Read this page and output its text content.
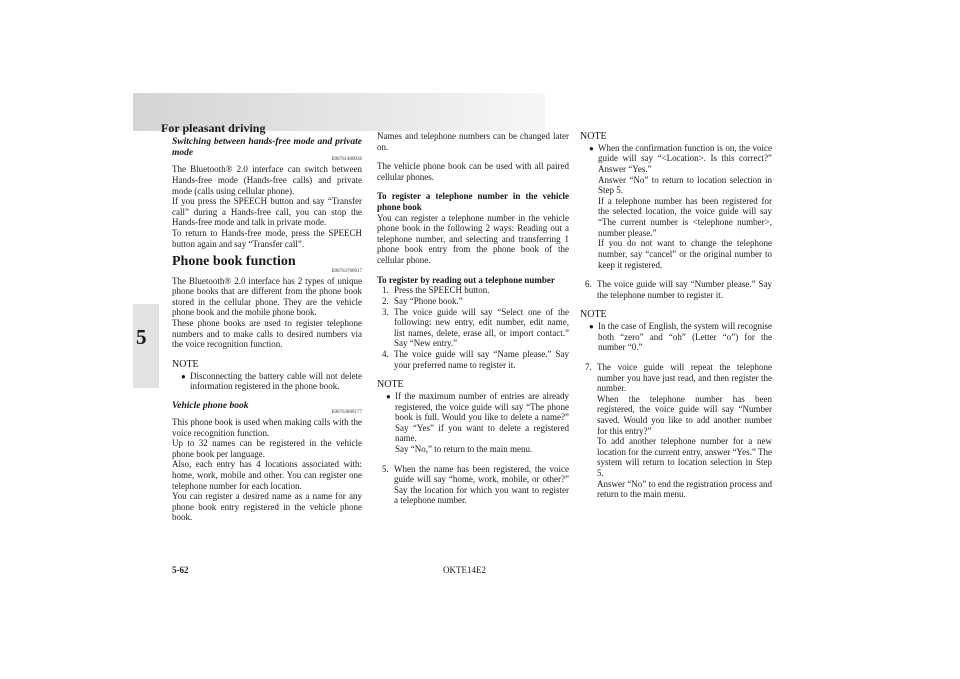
For pleasant driving
5

Switching between hands-free mode and private mode

E00761400036

The Bluetooth® 2.0 interface can switch between Hands-free mode (Hands-free calls) and private mode (calls using cellular phone).

If you press the SPEECH button and say “Transfer call” during a Hands-free call, you can stop the Hands-free mode and talk in private mode.

To return to Hands-free mode, press the SPEECH button again and say “Transfer call”.

Phone book function

E00763700017

The Bluetooth® 2.0 interface has 2 types of unique phone books that are different from the phone book stored in the cellular phone. They are the vehicle phone book and the mobile phone book.

These phone books are used to register telephone numbers and to make calls to desired numbers via the voice recognition function.

NOTE

● Disconnecting the battery cable will not delete information registered in the phone book.

Vehicle phone book

E00763800177

This phone book is used when making calls with the voice recognition function.

Up to 32 names can be registered in the vehicle phone book per language.

Also, each entry has 4 locations associated with: home, work, mobile and other. You can register one telephone number for each location.

You can register a desired name as a name for any phone book entry registered in the vehicle phone book.

Names and telephone numbers can be changed later on.

The vehicle phone book can be used with all paired cellular phones.

To register a telephone number in the vehicle phone book

You can register a telephone number in the vehicle phone book in the following 2 ways: Reading out a telephone number, and selecting and transferring 1 phone book entry from the phone book of the cellular phone.

To register by reading out a telephone number

1. Press the SPEECH button.
2. Say “Phone book.”
3. The voice guide will say “Select one of the following: new entry, edit number, edit name, list names, delete, erase all, or import contact.” Say “New entry.”
4. The voice guide will say “Name please.” Say your preferred name to register it.

NOTE

● If the maximum number of entries are already registered, the voice guide will say “The phone book is full. Would you like to delete a name?” Say “Yes” if you want to delete a registered name.
Say “No,” to return to the main menu.
5. When the name has been registered, the voice guide will say “home, work, mobile, or other?” Say the location for which you want to register a telephone number.

NOTE

● When the confirmation function is on, the voice guide will say “<Location>. Is this correct?” Answer “Yes.”
Answer “No” to return to location selection in Step 5.
If a telephone number has been registered for the selected location, the voice guide will say “The current number is <telephone number>, number please.”
If you do not want to change the telephone number, say “cancel” or the original number to keep it registered.
6. The voice guide will say “Number please.” Say the telephone number to register it.

NOTE

● In the case of English, the system will recognise both “zero” and “oh” (Letter “o”) for the number “0.”
7. The voice guide will repeat the telephone number you have just read, and then register the number.
When the telephone number has been registered, the voice guide will say “Number saved. Would you like to add another number for this entry?”
To add another telephone number for a new location for the current entry, answer “Yes.” The system will return to location selection in Step 5.
Answer “No” to end the registration process and return to the main menu.
5-62	OKTE14E2
